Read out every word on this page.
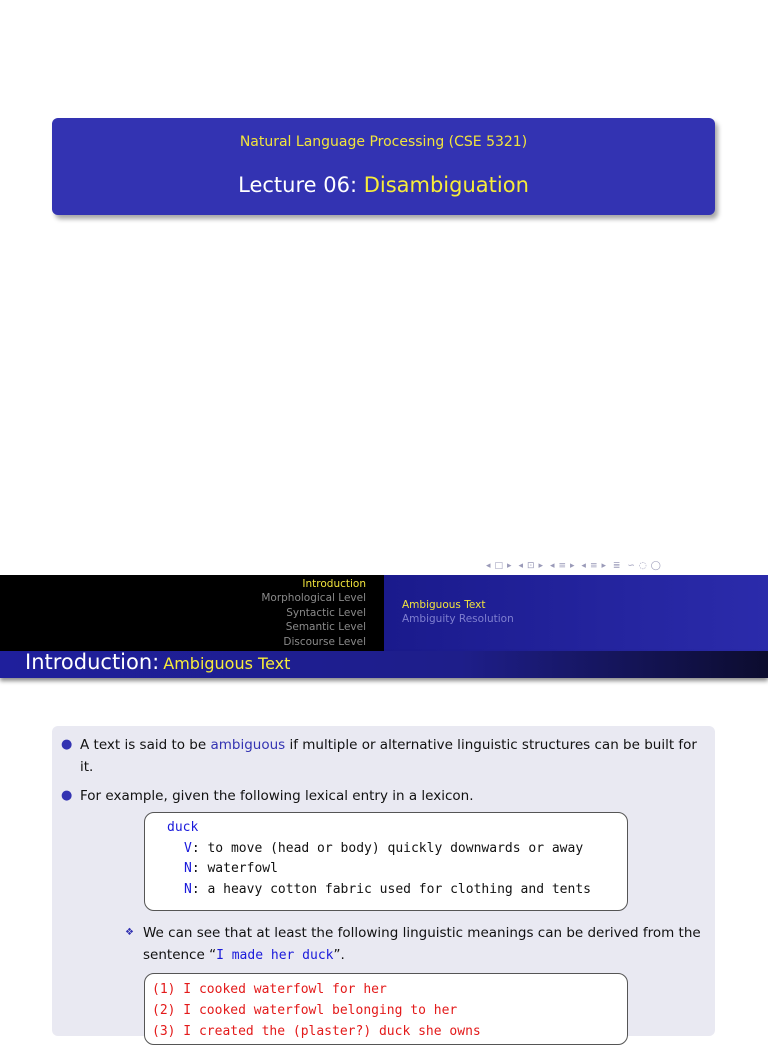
Natural Language Processing (CSE 5321)
Lecture 06: Disambiguation
◂ □ ▸ ◂ ⊡ ▸ ◂ ≡ ▸ ◂ ≡ ▸ ≣ ∽ ◌ ◯
Introduction
Morphological Level
Syntactic Level
Semantic Level
Discourse Level
Ambiguous Text
Ambiguity Resolution
Introduction: Ambiguous Text
● A text is said to be ambiguous if multiple or alternative linguistic structures can be built for it.
● For example, given the following lexical entry in a lexicon.
duck
V: to move (head or body) quickly downwards or away
N: waterfowl
N: a heavy cotton fabric used for clothing and tents
❖ We can see that at least the following linguistic meanings can be derived from the sentence “I made her duck”.
(1) I cooked waterfowl for her
(2) I cooked waterfowl belonging to her
(3) I created the (plaster?) duck she owns
